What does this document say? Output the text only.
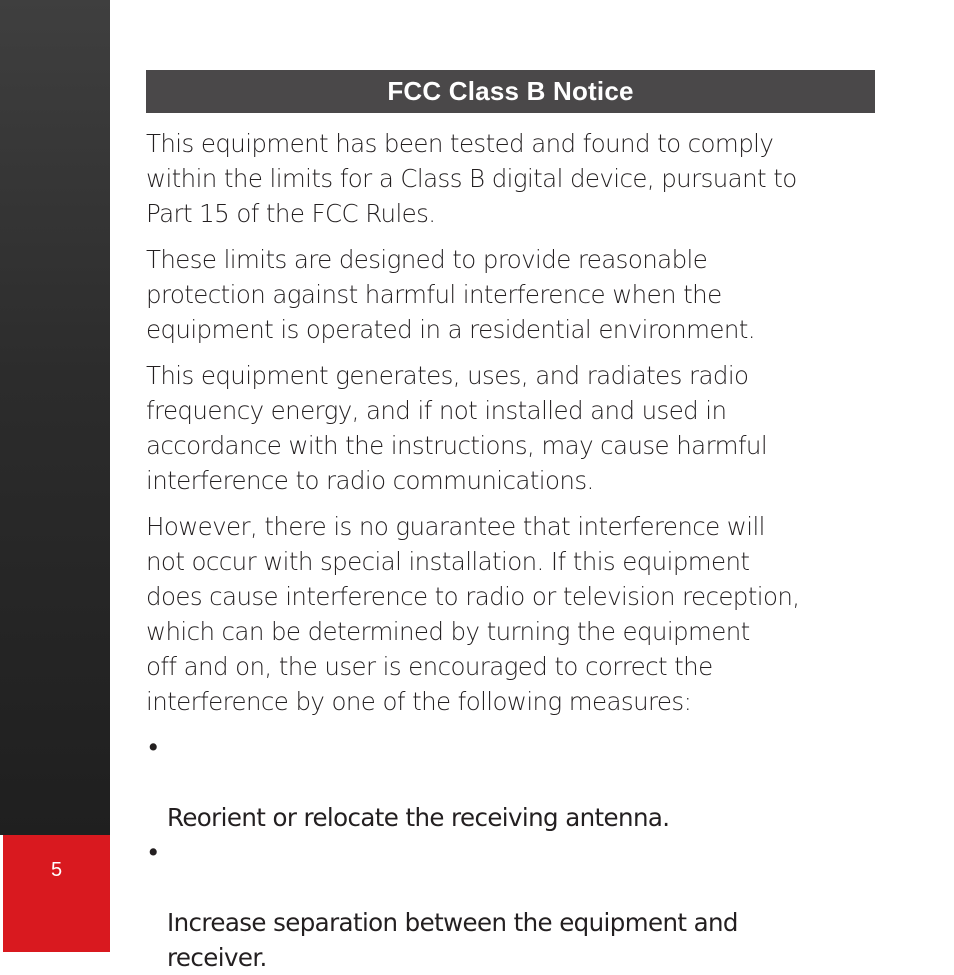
5
FCC Class B Notice

This equipment has been tested and found to comply
within the limits for a Class B digital device, pursuant to
Part 15 of the FCC Rules.

These limits are designed to provide reasonable
protection against harmful interference when the
equipment is operated in a residential environment.

This equipment generates, uses, and radiates radio
frequency energy, and if not installed and used in
accordance with the instructions, may cause harmful
interference to radio communications.

However, there is no guarantee that interference will
not occur with special installation. If this equipment
does cause interference to radio or television reception,
which can be determined by turning the equipment
off and on, the user is encouraged to correct the
interference by one of the following measures:

•

Reorient or relocate the receiving antenna.

•

Increase separation between the equipment and
receiver.
